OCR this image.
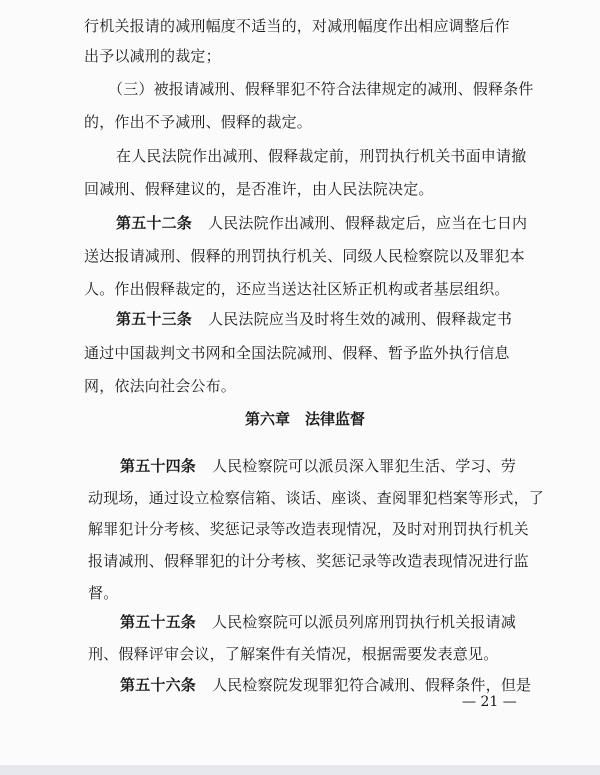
行机关报请的减刑幅度不适当的，对减刑幅度作出相应调整后作
出予以减刑的裁定；
（三）被报请减刑、假释罪犯不符合法律规定的减刑、假释条件
的，作出不予减刑、假释的裁定。
在人民法院作出减刑、假释裁定前，刑罚执行机关书面申请撤
回减刑、假释建议的，是否准许，由人民法院决定。
第五十二条 人民法院作出减刑、假释裁定后，应当在七日内
送达报请减刑、假释的刑罚执行机关、同级人民检察院以及罪犯本
人。作出假释裁定的，还应当送达社区矫正机构或者基层组织。
第五十三条 人民法院应当及时将生效的减刑、假释裁定书
通过中国裁判文书网和全国法院减刑、假释、暂予监外执行信息
网，依法向社会公布。
第六章　法律监督
第五十四条 人民检察院可以派员深入罪犯生活、学习、劳
动现场，通过设立检察信箱、谈话、座谈、查阅罪犯档案等形式，了
解罪犯计分考核、奖惩记录等改造表现情况，及时对刑罚执行机关
报请减刑、假释罪犯的计分考核、奖惩记录等改造表现情况进行监
督。
第五十五条 人民检察院可以派员列席刑罚执行机关报请减
刑、假释评审会议，了解案件有关情况，根据需要发表意见。
第五十六条 人民检察院发现罪犯符合减刑、假释条件，但是
— 21 —
